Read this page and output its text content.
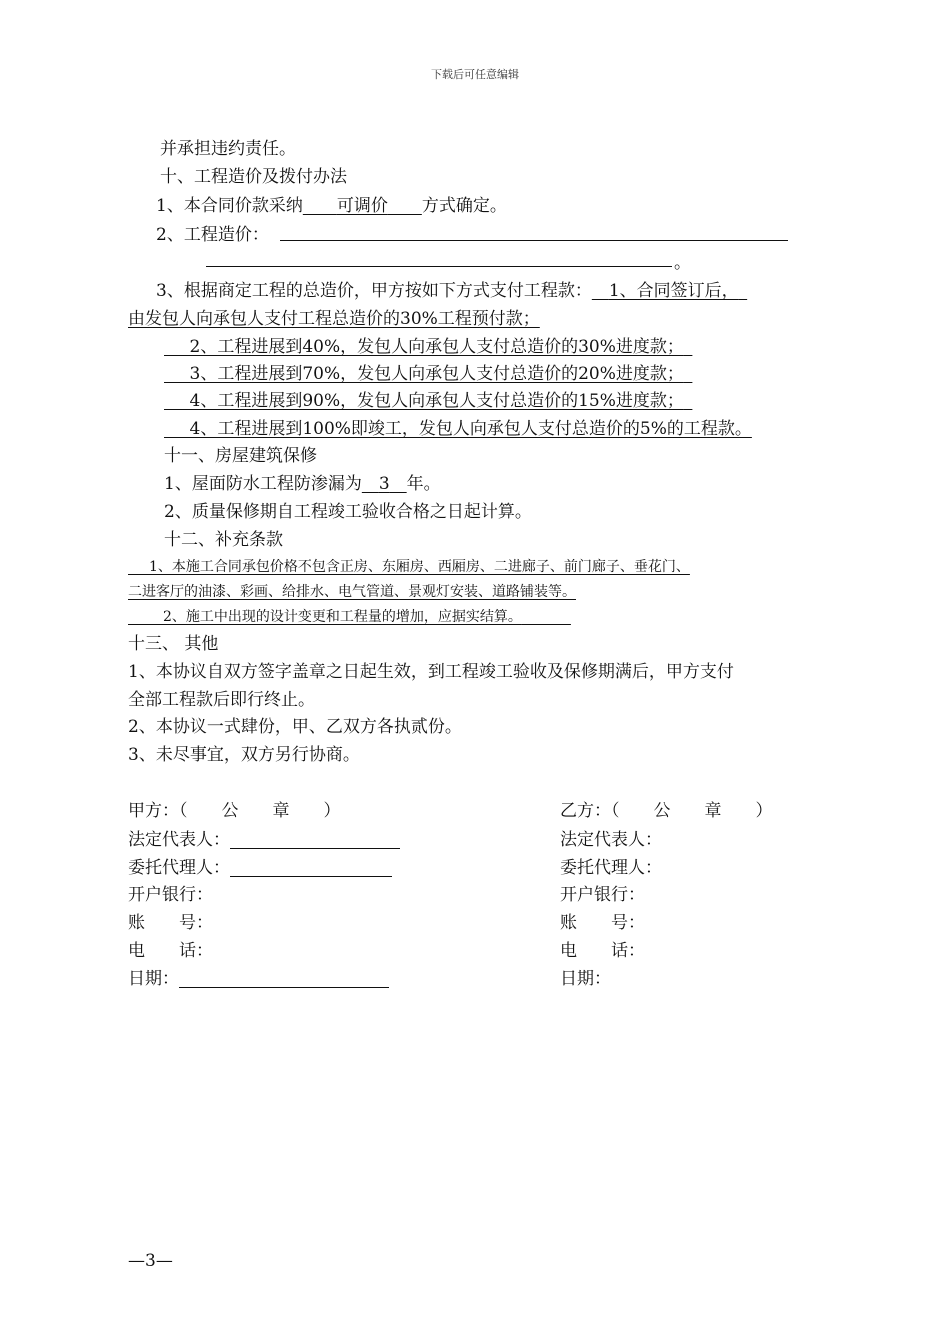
下载后可任意编辑
并承担违约责任。
十、工程造价及拨付办法
1、本合同价款采纳   可调价   方式确定。
2、工程造价：
。
3、根据商定工程的总造价，甲方按如下方式支付工程款：   1、合同签订后， 
由发包人向承包人支付工程总造价的30%工程预付款；
  2、工程进展到40%，发包人向承包人支付总造价的30%进度款； 
  3、工程进展到70%，发包人向承包人支付总造价的20%进度款； 
  4、工程进展到90%，发包人向承包人支付总造价的15%进度款； 
  4、工程进展到100%即竣工，发包人向承包人支付总造价的5%的工程款。
十一、房屋建筑保修
1、屋面防水工程防渗漏为   3   年。
2、质量保修期自工程竣工验收合格之日起计算。
十二、补充条款
  1、本施工合同承包价格不包含正房、东厢房、西厢房、二进廊子、前门廊子、垂花门、
二进客厅的油漆、彩画、给排水、电气管道、景观灯安装、道路铺装等。
   2、施工中出现的设计变更和工程量的增加，应据实结算。    
十三、 其他
1、本协议自双方签字盖章之日起生效，到工程竣工验收及保修期满后，甲方支付
全部工程款后即行终止。
2、本协议一式肆份，甲、乙双方各执贰份。
3、未尽事宜，双方另行协商。
甲方：（　　公　　章　　）
法定代表人：
委托代理人：
开户银行：
账　　号：
电　　话：
日期：
乙方：（　　公　　章　　）
法定代表人：
委托代理人：
开户银行：
账　　号：
电　　话：
日期：
—3—
